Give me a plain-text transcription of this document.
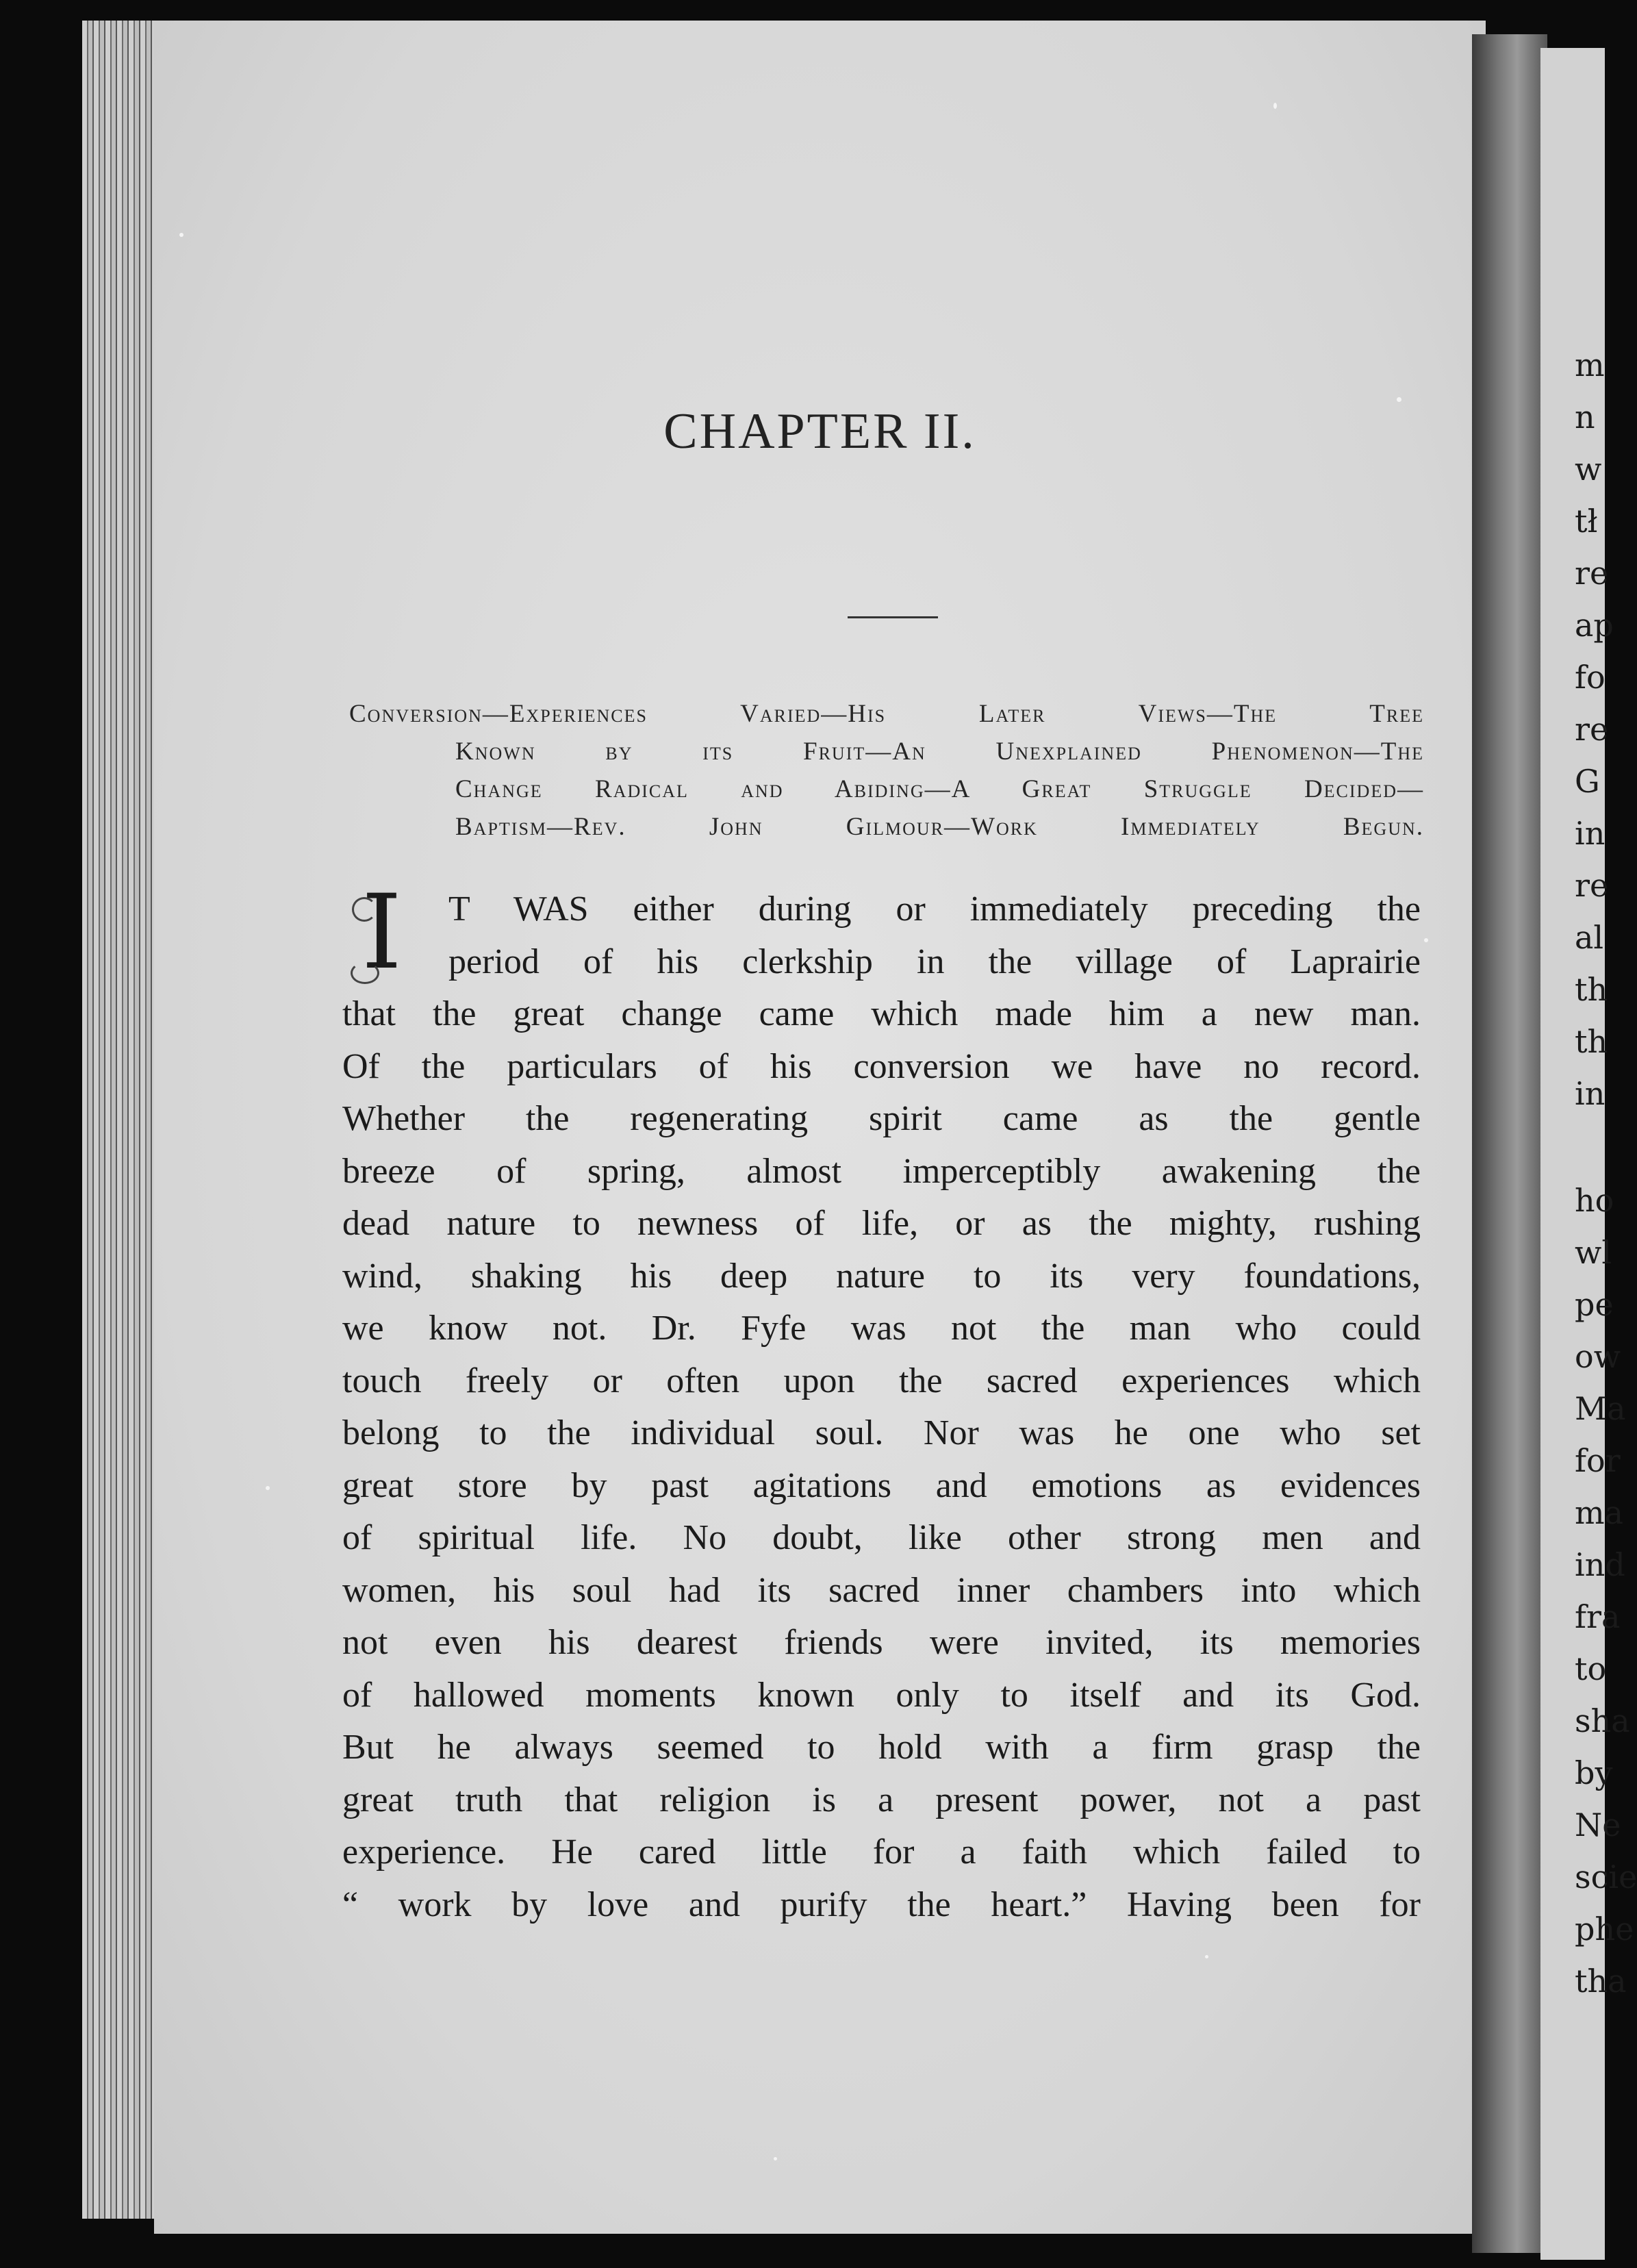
m
n
w
tł
re
ap
fo
re
G
in
re
al
th
th
in
ho
wl
pe
ow
Ma
for
ma
ind
fra
to
sha
by
Ne
scie
phe
tha
CHAPTER II.
Conversion—Experiences Varied—His Later Views—The Tree
Known by its Fruit—An Unexplained Phenomenon—The
Change Radical and Abiding—A Great Struggle Decided—
Baptism—Rev. John Gilmour—Work Immediately Begun.
I	T WAS either during or immediately preceding the
period of his clerkship in the village of Laprairie
that the great change came which made him a new man.
Of the particulars of his conversion we have no record.
Whether the regenerating spirit came as the gentle
breeze of spring, almost imperceptibly awakening the
dead nature to newness of life, or as the mighty, rushing
wind, shaking his deep nature to its very foundations,
we know not. Dr. Fyfe was not the man who could
touch freely or often upon the sacred experiences which
belong to the individual soul. Nor was he one who set
great store by past agitations and emotions as evidences
of spiritual life. No doubt, like other strong men and
women, his soul had its sacred inner chambers into which
not even his dearest friends were invited, its memories
of hallowed moments known only to itself and its God.
But he always seemed to hold with a firm grasp the
great truth that religion is a present power, not a past
experience. He cared little for a faith which failed to
“ work by love and purify the heart.” Having been for
